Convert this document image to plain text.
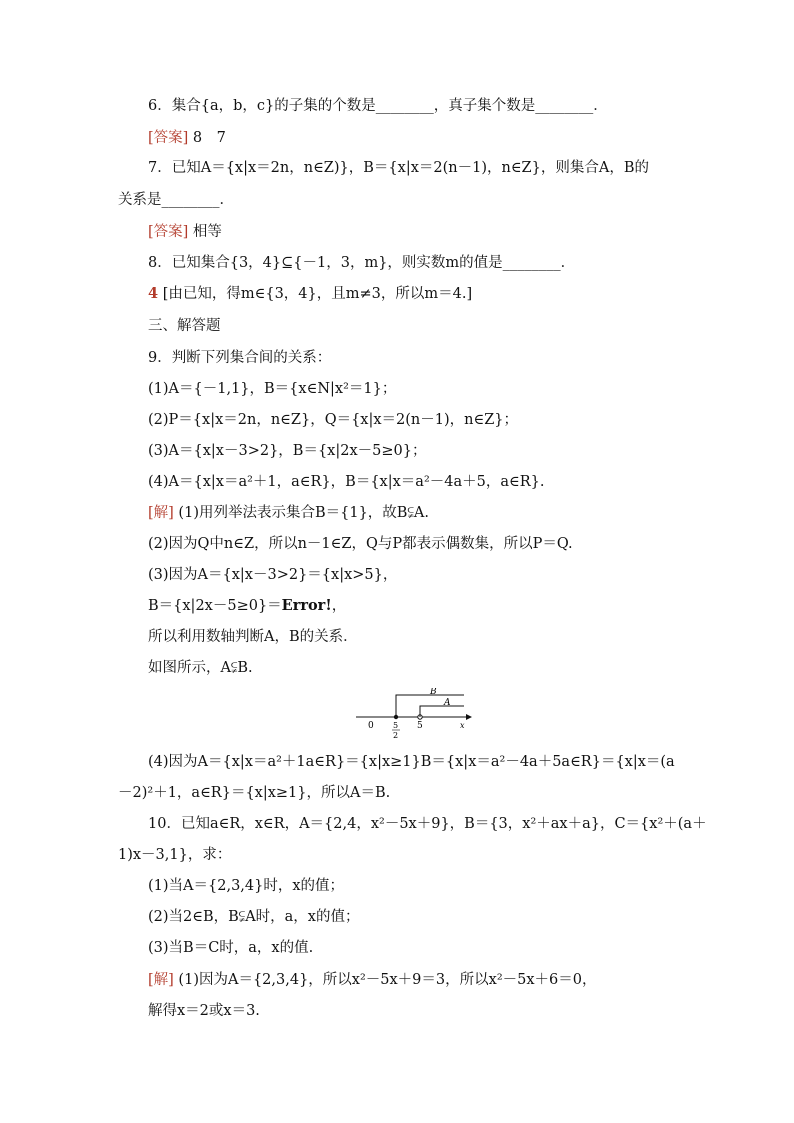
6．集合{a，b，c}的子集的个数是________，真子集个数是________．
[答案] 8　7
7．已知A＝{x|x＝2n，n∈Z)}，B＝{x|x＝2(n－1)，n∈Z}，则集合A，B的
关系是________．
[答案] 相等
8．已知集合{3，4}⊆{－1，3，m}，则实数m的值是________．
4 [由已知，得m∈{3，4}，且m≠3，所以m＝4.]
三、解答题
9．判断下列集合间的关系：
(1)A＝{－1,1}，B＝{x∈N|x²＝1}；
(2)P＝{x|x＝2n，n∈Z}，Q＝{x|x＝2(n－1)，n∈Z}；
(3)A＝{x|x－3>2}，B＝{x|2x－5≥0}；
(4)A＝{x|x＝a²＋1，a∈R}，B＝{x|x＝a²－4a＋5，a∈R}.
[解] (1)用列举法表示集合B＝{1}，故B⫋A.
(2)因为Q中n∈Z，所以n－1∈Z，Q与P都表示偶数集，所以P＝Q.
(3)因为A＝{x|x－3>2}＝{x|x>5}，
B＝{x|2x－5≥0}＝Error!，
所以利用数轴判断A，B的关系．
如图所示，A⫋B.
B
A
0 5
2
5	x
(4)因为A＝{x|x＝a²＋1a∈R}＝{x|x≥1}B＝{x|x＝a²－4a＋5a∈R}＝{x|x＝(a
－2)²＋1，a∈R}＝{x|x≥1}，所以A＝B.
10．已知a∈R，x∈R，A＝{2,4，x²－5x＋9}，B＝{3，x²＋ax＋a}，C＝{x²＋(a＋
1)x－3,1}，求：
(1)当A＝{2,3,4}时，x的值；
(2)当2∈B，B⫋A时，a，x的值；
(3)当B＝C时，a，x的值.
[解] (1)因为A＝{2,3,4}，所以x²－5x＋9＝3，所以x²－5x＋6＝0，
解得x＝2或x＝3.
